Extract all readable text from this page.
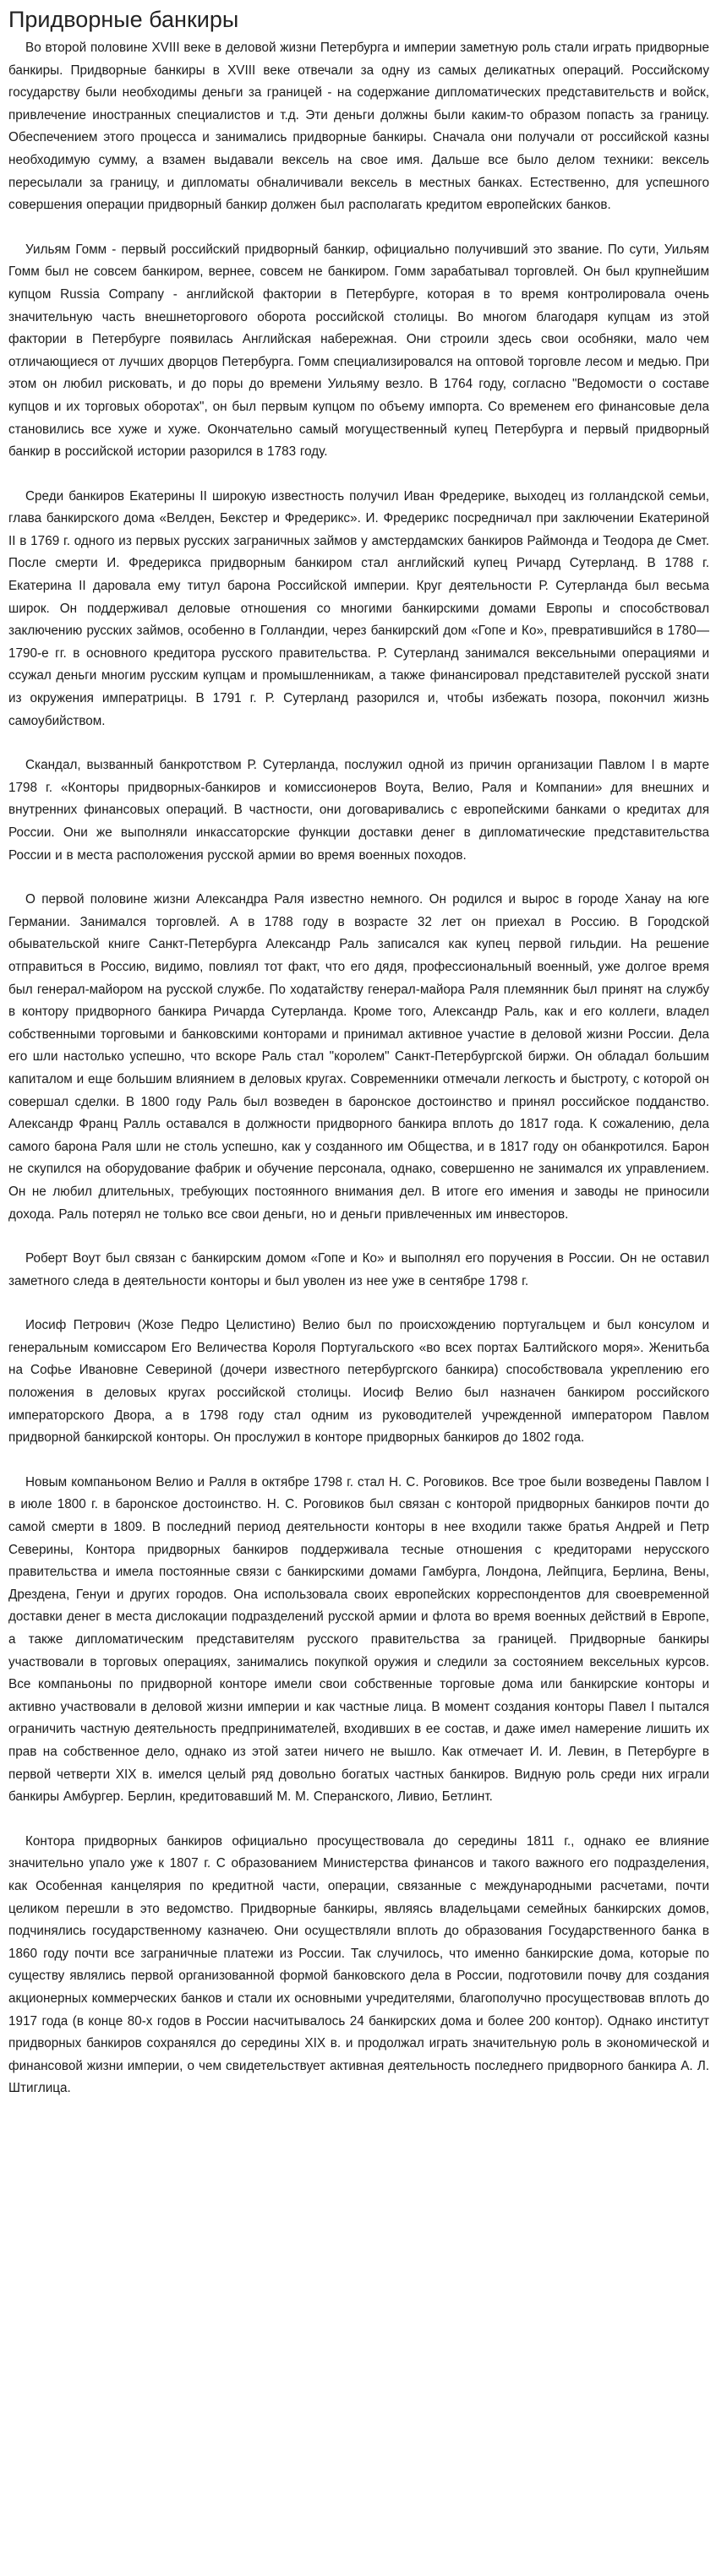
Придворные банкиры

Во второй половине XVIII веке в деловой жизни Петербурга и империи заметную роль стали играть придворные банкиры. Придворные банкиры в XVIII веке отвечали за одну из самых деликатных операций. Российскому государству были необходимы деньги за границей - на содержание дипломатических представительств и войск, привлечение иностранных специалистов и т.д. Эти деньги должны были каким-то образом попасть за границу. Обеспечением этого процесса и занимались придворные банкиры. Сначала они получали от российской казны необходимую сумму, а взамен выдавали вексель на свое имя. Дальше все было делом техники: вексель пересылали за границу, и дипломаты обналичивали вексель в местных банках. Естественно, для успешного совершения операции придворный банкир должен был располагать кредитом европейских банков.

Уильям Гомм - первый российский придворный банкир, официально получивший это звание. По сути, Уильям Гомм был не совсем банкиром, вернее, совсем не банкиром. Гомм зарабатывал торговлей. Он был крупнейшим купцом Russia Company - английской фактории в Петербурге, которая в то время контролировала очень значительную часть внешнеторгового оборота российской столицы. Во многом благодаря купцам из этой фактории в Петербурге появилась Английская набережная. Они строили здесь свои особняки, мало чем отличающиеся от лучших дворцов Петербурга. Гомм специализировался на оптовой торговле лесом и медью. При этом он любил рисковать, и до поры до времени Уильяму везло. В 1764 году, согласно "Ведомости о составе купцов и их торговых оборотах", он был первым купцом по объему импорта. Со временем его финансовые дела становились все хуже и хуже. Окончательно самый могущественный купец Петербурга и первый придворный банкир в российской истории разорился в 1783 году.

Среди банкиров Екатерины II широкую известность получил Иван Фредерике, выходец из голландской семьи, глава банкирского дома «Велден, Бекстер и Фредерикс». И. Фредерикс посредничал при заключении Екатериной II в 1769 г. одного из первых русских заграничных займов у амстердамских банкиров Раймонда и Теодора де Смет. После смерти И. Фредерикса придворным банкиром стал английский купец Ричард Сутерланд. В 1788 г. Екатерина II даровала ему титул барона Российской империи. Круг деятельности Р. Сутерланда был весьма широк. Он поддерживал деловые отношения со многими банкирскими домами Европы и способствовал заключению русских займов, особенно в Голландии, через банкирский дом «Гопе и Ко», превратившийся в 1780—1790-е гг. в основного кредитора русского правительства. Р. Сутерланд занимался вексельными операциями и ссужал деньги многим русским купцам и промышленникам, а также финансировал представителей русской знати из окружения императрицы. В 1791 г. Р. Сутерланд разорился и, чтобы избежать позора, покончил жизнь самоубийством.

Скандал, вызванный банкротством Р. Сутерланда, послужил одной из причин организации Павлом I в марте 1798 г. «Конторы придворных-банкиров и комиссионеров Воута, Велио, Раля и Компании» для внешних и внутренних финансовых операций. В частности, они договаривались с европейскими банками о кредитах для России. Они же выполняли инкассаторские функции доставки денег в дипломатические представительства России и в места расположения русской армии во время военных походов.

О первой половине жизни Александра Раля известно немного. Он родился и вырос в городе Ханау на юге Германии. Занимался торговлей. А в 1788 году в возрасте 32 лет он приехал в Россию. В Городской обывательской книге Санкт-Петербурга Александр Раль записался как купец первой гильдии. На решение отправиться в Россию, видимо, повлиял тот факт, что его дядя, профессиональный военный, уже долгое время был генерал-майором на русской службе. По ходатайству генерал-майора Раля племянник был принят на службу в контору придворного банкира Ричарда Сутерланда. Кроме того, Александр Раль, как и его коллеги, владел собственными торговыми и банковскими конторами и принимал активное участие в деловой жизни России. Дела его шли настолько успешно, что вскоре Раль стал "королем" Санкт-Петербургской биржи. Он обладал большим капиталом и еще большим влиянием в деловых кругах. Современники отмечали легкость и быстроту, с которой он совершал сделки. В 1800 году Раль был возведен в баронское достоинство и принял российское подданство. Александр Франц Ралль оставался в должности придворного банкира вплоть до 1817 года. К сожалению, дела самого барона Раля шли не столь успешно, как у созданного им Общества, и в 1817 году он обанкротился. Барон не скупился на оборудование фабрик и обучение персонала, однако, совершенно не занимался их управлением. Он не любил длительных, требующих постоянного внимания дел. В итоге его имения и заводы не приносили дохода. Раль потерял не только все свои деньги, но и деньги привлеченных им инвесторов.

Роберт Воут был связан с банкирским домом «Гопе и Ко» и выполнял его поручения в России. Он не оставил заметного следа в деятельности конторы и был уволен из нее уже в сентябре 1798 г.

Иосиф Петрович (Жозе Педро Целистино) Велио был по происхождению португальцем и был консулом и генеральным комиссаром Его Величества Короля Португальского «во всех портах Балтийского моря». Женитьба на Софье Ивановне Севериной (дочери известного петербургского банкира) способствовала укреплению его положения в деловых кругах российской столицы. Иосиф Велио был назначен банкиром российского императорского Двора, а в 1798 году стал одним из руководителей учрежденной императором Павлом придворной банкирской конторы. Он прослужил в конторе придворных банкиров до 1802 года.

Новым компаньоном Велио и Ралля в октябре 1798 г. стал Н. С. Роговиков. Все трое были возведены Павлом I в июле 1800 г. в баронское достоинство. Н. С. Роговиков был связан с конторой придворных банкиров почти до самой смерти в 1809. В последний период деятельности конторы в нее входили также братья Андрей и Петр Северины, Контора придворных банкиров поддерживала тесные отношения с кредиторами нерусского правительства и имела постоянные связи с банкирскими домами Гамбурга, Лондона, Лейпцига, Берлина, Вены, Дрездена, Генуи и других городов. Она использовала своих европейских корреспондентов для своевременной доставки денег в места дислокации подразделений русской армии и флота во время военных действий в Европе, а также дипломатическим представителям русского правительства за границей. Придворные банкиры участвовали в торговых операциях, занимались покупкой оружия и следили за состоянием вексельных курсов. Все компаньоны по придворной конторе имели свои собственные торговые дома или банкирские конторы и активно участвовали в деловой жизни империи и как частные лица. В момент создания конторы Павел I пытался ограничить частную деятельность предпринимателей, входивших в ее состав, и даже имел намерение лишить их прав на собственное дело, однако из этой затеи ничего не вышло. Как отмечает И. И. Левин, в Петербурге в первой четверти XIX в. имелся целый ряд довольно богатых частных банкиров. Видную роль среди них играли банкиры Амбургер. Берлин, кредитовавший М. М. Сперанского, Ливио, Бетлинт.

Контора придворных банкиров официально просуществовала до середины 1811 г., однако ее влияние значительно упало уже к 1807 г. С образованием Министерства финансов и такого важного его подразделения, как Особенная канцелярия по кредитной части, операции, связанные с международными расчетами, почти целиком перешли в это ведомство. Придворные банкиры, являясь владельцами семейных банкирских домов, подчинялись государственному казначею. Они осуществляли вплоть до образования Государственного банка в 1860 году почти все заграничные платежи из России. Так случилось, что именно банкирские дома, которые по существу являлись первой организованной формой банковского дела в России, подготовили почву для создания акционерных коммерческих банков и стали их основными учредителями, благополучно просуществовав вплоть до 1917 года (в конце 80-х годов в России насчитывалось 24 банкирских дома и более 200 контор). Однако институт придворных банкиров сохранялся до середины XIX в. и продолжал играть значительную роль в экономической и финансовой жизни империи, о чем свидетельствует активная деятельность последнего придворного банкира А. Л. Штиглица.
